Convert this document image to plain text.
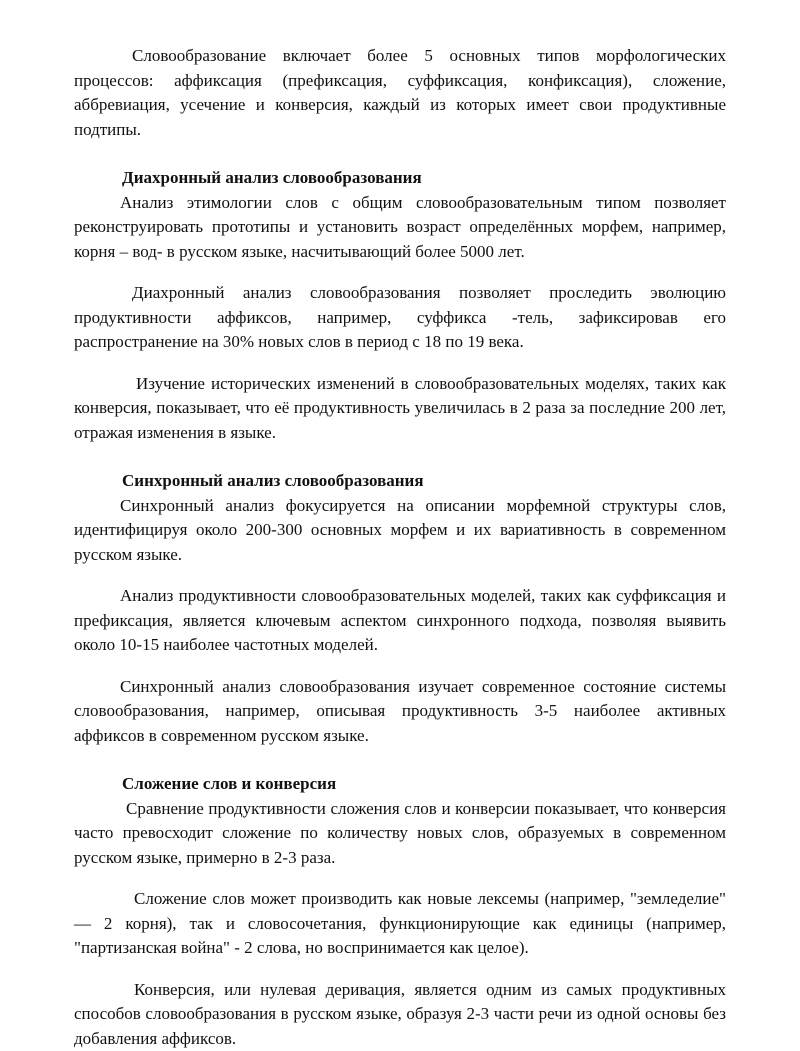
Словообразование включает более 5 основных типов морфологических процессов: аффиксация (префиксация, суффиксация, конфиксация), сложение, аббревиация, усечение и конверсия, каждый из которых имеет свои продуктивные подтипы.

Диахронный анализ словообразования

Анализ этимологии слов с общим словообразовательным типом позволяет реконструировать прототипы и установить возраст определённых морфем, например, корня – вод- в русском языке, насчитывающий более 5000 лет.

Диахронный анализ словообразования позволяет проследить эволюцию продуктивности аффиксов, например, суффикса -тель, зафиксировав его распространение на 30% новых слов в период с 18 по 19 века.

Изучение исторических изменений в словообразовательных моделях, таких как конверсия, показывает, что её продуктивность увеличилась в 2 раза за последние 200 лет, отражая изменения в языке.

Синхронный анализ словообразования

Синхронный анализ фокусируется на описании морфемной структуры слов, идентифицируя около 200-300 основных морфем и их вариативность в современном русском языке.

Анализ продуктивности словообразовательных моделей, таких как суффиксация и префиксация, является ключевым аспектом синхронного подхода, позволяя выявить около 10-15 наиболее частотных моделей.

Синхронный анализ словообразования изучает современное состояние системы словообразования, например, описывая продуктивность 3-5 наиболее активных аффиксов в современном русском языке.

Сложение слов и конверсия

Сравнение продуктивности сложения слов и конверсии показывает, что конверсия часто превосходит сложение по количеству новых слов, образуемых в современном русском языке, примерно в 2-3 раза.

Сложение слов может производить как новые лексемы (например, "земледелие" — 2 корня), так и словосочетания, функционирующие как единицы (например, "партизанская война" - 2 слова, но воспринимается как целое).

Конверсия, или нулевая деривация, является одним из самых продуктивных способов словообразования в русском языке, образуя 2-3 части речи из одной основы без добавления аффиксов.
